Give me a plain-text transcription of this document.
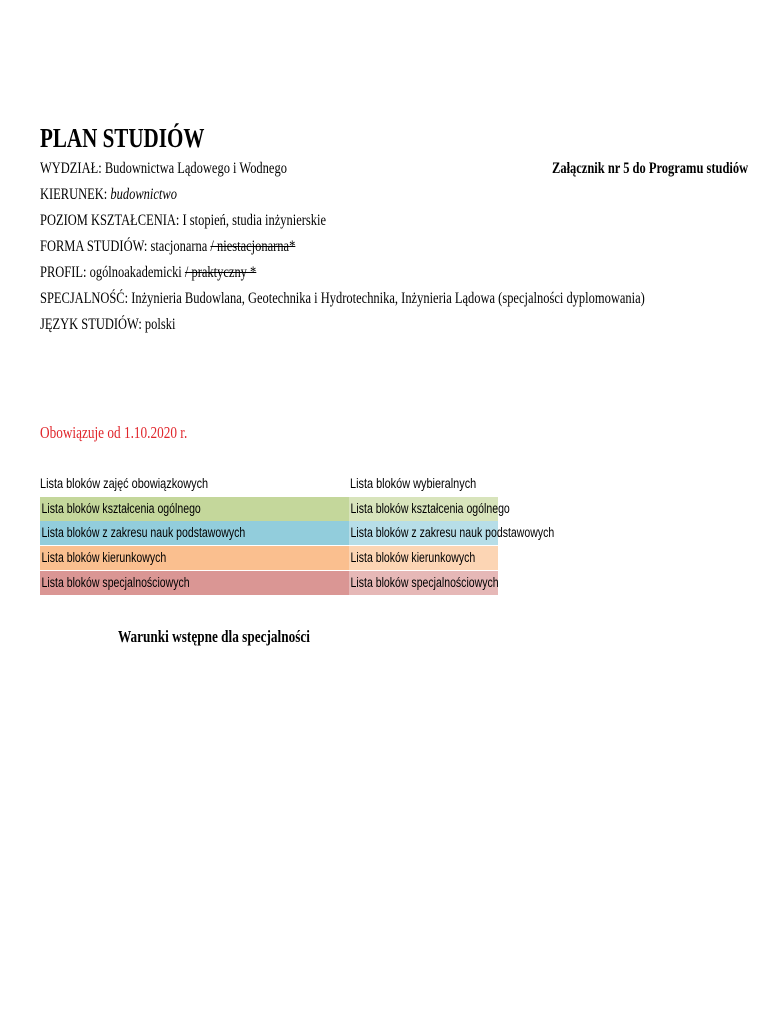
PLAN STUDIÓW
WYDZIAŁ: Budownictwa Lądowego i Wodnego	Załącznik nr 5 do Programu studiów
KIERUNEK: budownictwo
POZIOM KSZTAŁCENIA: I stopień, studia inżynierskie
FORMA STUDIÓW: stacjonarna / niestacjonarna*
PROFIL: ogólnoakademicki / praktyczny *
SPECJALNOŚĆ: Inżynieria Budowlana, Geotechnika i Hydrotechnika, Inżynieria Lądowa (specjalności dyplomowania)
JĘZYK STUDIÓW: polski
Obowiązuje od 1.10.2020 r.
Lista bloków zajęć obowiązkowych	Lista bloków wybieralnych
Lista bloków kształcenia ogólnego
Lista bloków z zakresu nauk podstawowych
Lista bloków kierunkowych
Lista bloków specjalnościowych
Lista bloków kształcenia ogólnego
Lista bloków z zakresu nauk podstawowych
Lista bloków kierunkowych
Lista bloków specjalnościowych
Warunki wstępne dla specjalności
